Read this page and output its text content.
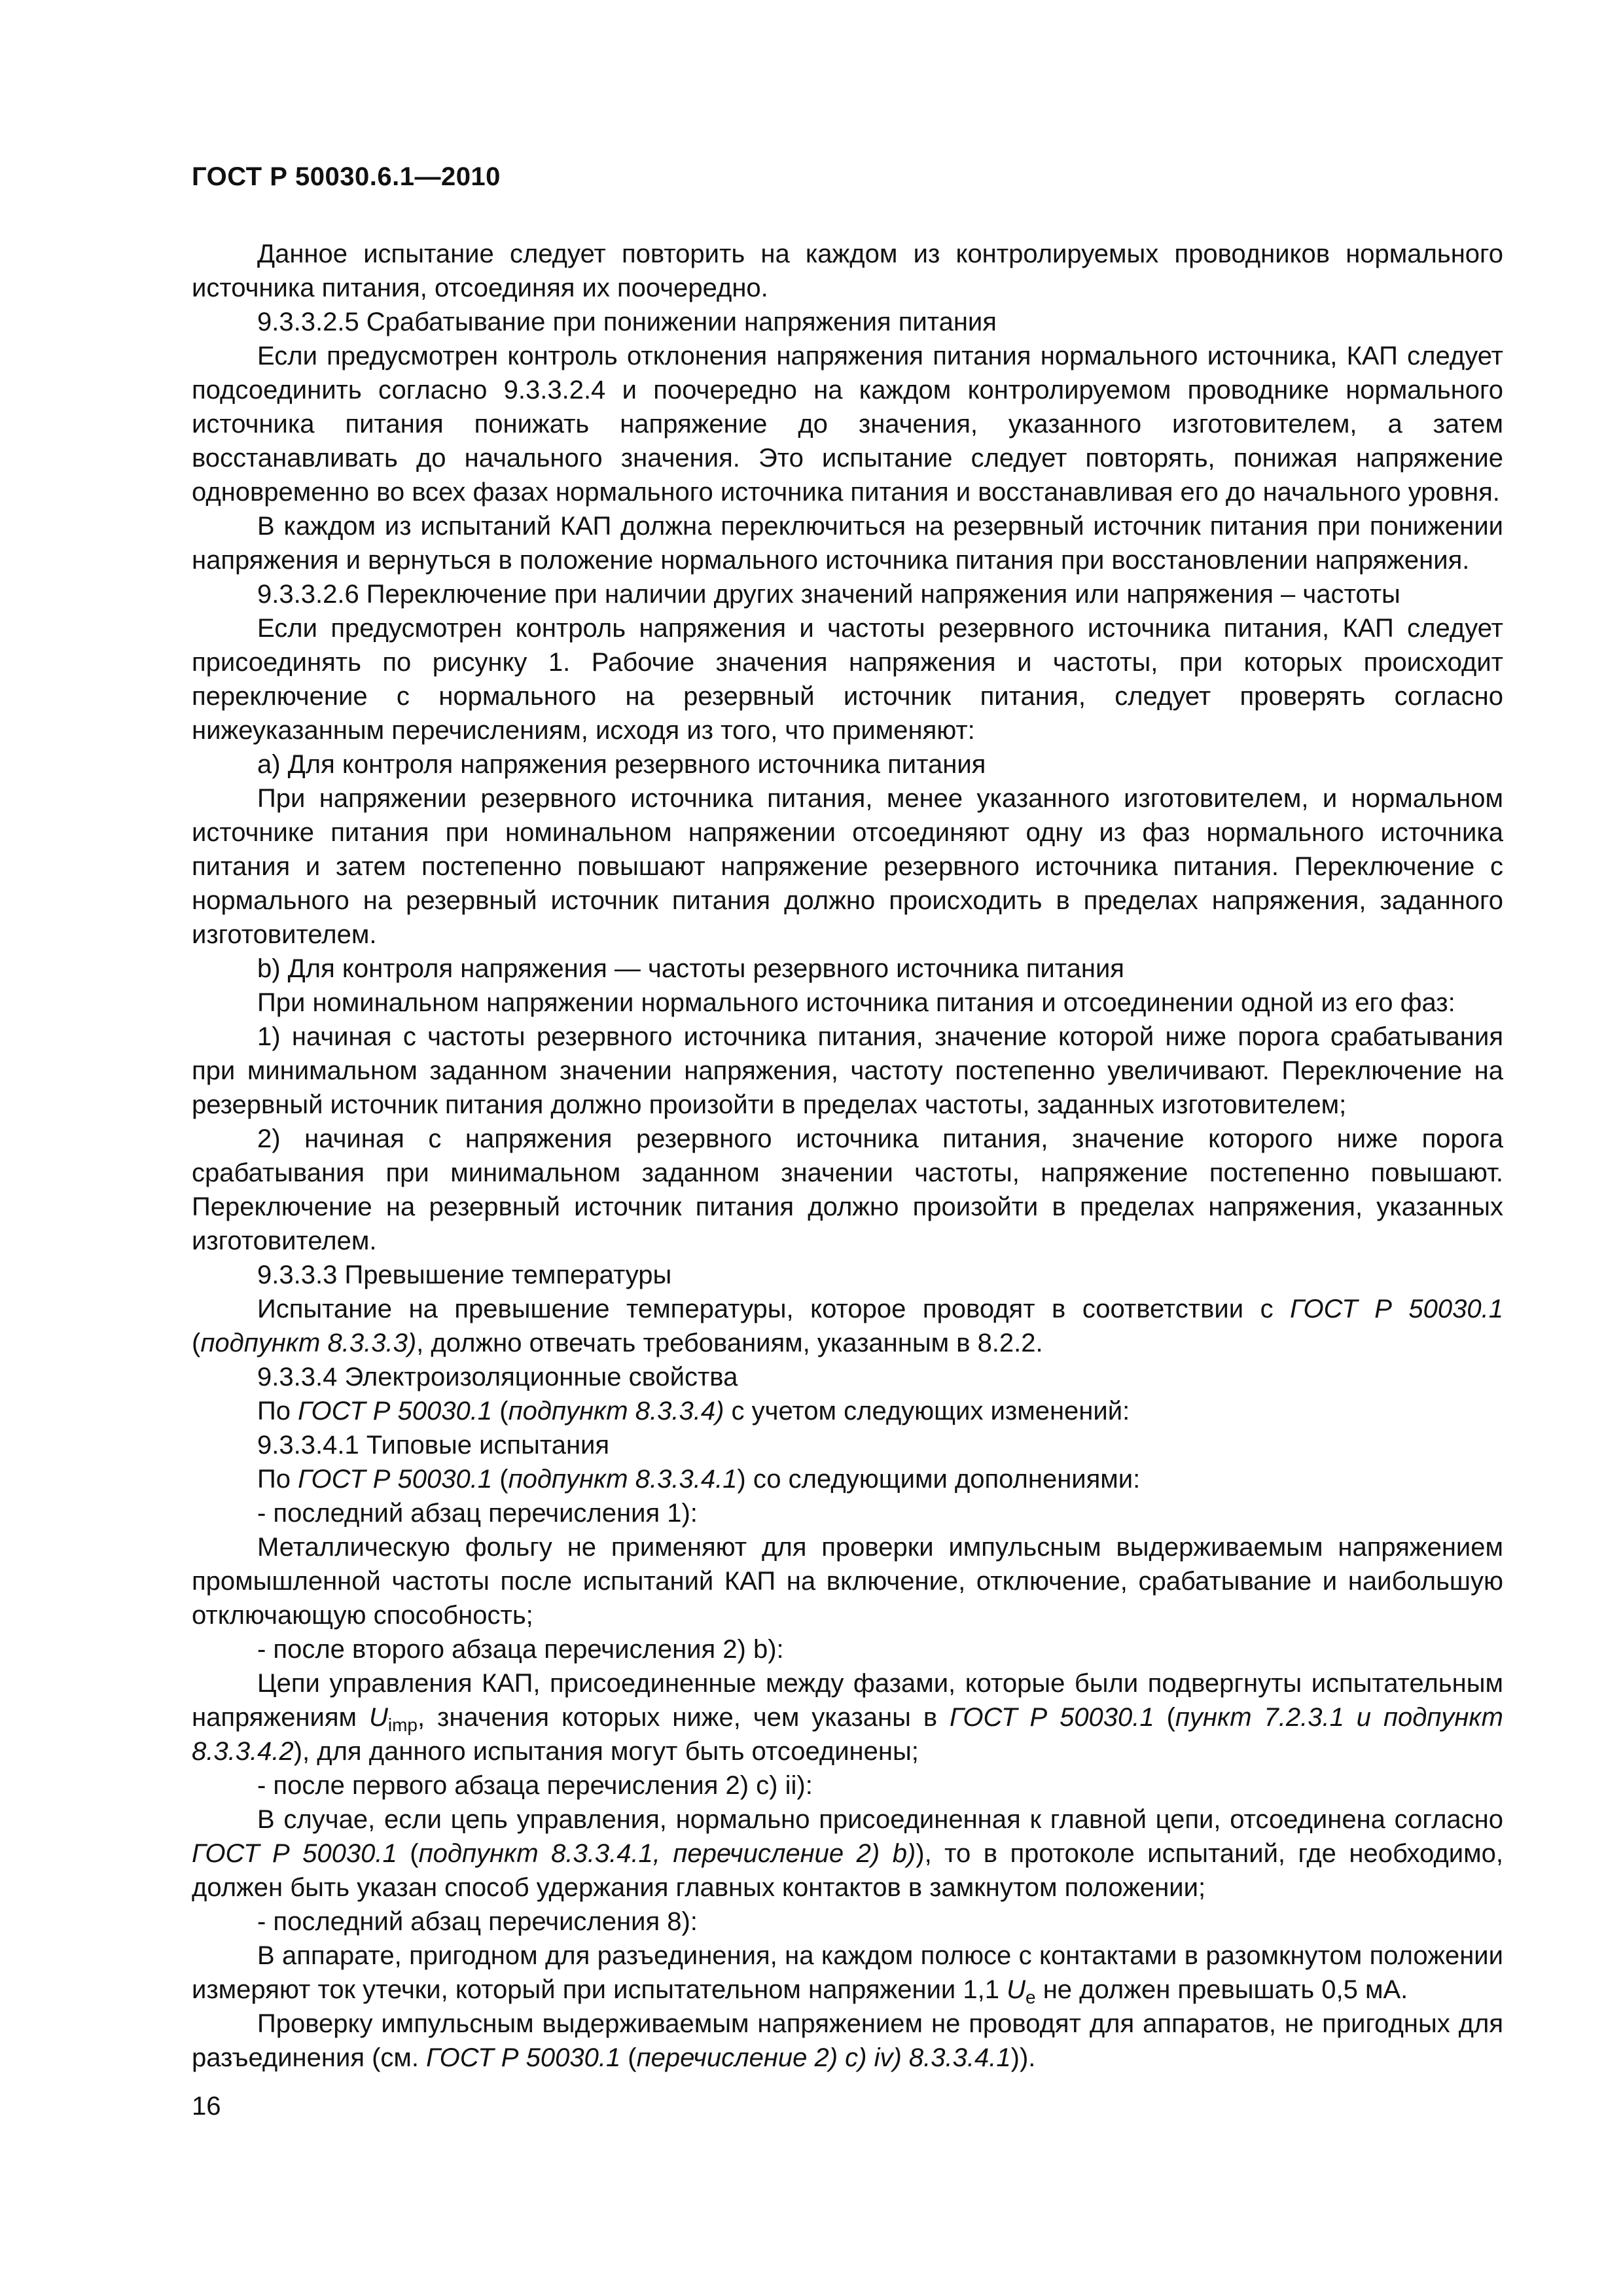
ГОСТ Р 50030.6.1—2010

Данное испытание следует повторить на каждом из контролируемых проводников нормального источника питания, отсоединяя их поочередно.

9.3.3.2.5 Срабатывание при понижении напряжения питания

Если предусмотрен контроль отклонения напряжения питания нормального источника, КАП следует подсоединить согласно 9.3.3.2.4 и поочередно на каждом контролируемом проводнике нормального источника питания понижать напряжение до значения, указанного изготовителем, а затем восстанавливать до начального значения. Это испытание следует повторять, понижая напряжение одновременно во всех фазах нормального источника питания и восстанавливая его до начального уровня.

В каждом из испытаний КАП должна переключиться на резервный источник питания при понижении напряжения и вернуться в положение нормального источника питания при восстановлении напряжения.

9.3.3.2.6 Переключение при наличии других значений напряжения или напряжения – частоты

Если предусмотрен контроль напряжения и частоты резервного источника питания, КАП следует присоединять по рисунку 1. Рабочие значения напряжения и частоты, при которых происходит переключение с нормального на резервный источник питания, следует проверять согласно нижеуказанным перечислениям, исходя из того, что применяют:

a) Для контроля напряжения резервного источника питания

При напряжении резервного источника питания, менее указанного изготовителем, и нормальном источнике питания при номинальном напряжении отсоединяют одну из фаз нормального источника питания и затем постепенно повышают напряжение резервного источника питания. Переключение с нормального на резервный источник питания должно происходить в пределах напряжения, заданного изготовителем.

b) Для контроля напряжения — частоты резервного источника питания

При номинальном напряжении нормального источника питания и отсоединении одной из его фаз:

1) начиная с частоты резервного источника питания, значение которой ниже порога срабатывания при минимальном заданном значении напряжения, частоту постепенно увеличивают. Переключение на резервный источник питания должно произойти в пределах частоты, заданных изготовителем;

2) начиная с напряжения резервного источника питания, значение которого ниже порога срабатывания при минимальном заданном значении частоты, напряжение постепенно повышают. Переключение на резервный источник питания должно произойти в пределах напряжения, указанных изготовителем.

9.3.3.3 Превышение температуры

Испытание на превышение температуры, которое проводят в соответствии с ГОСТ Р 50030.1 (подпункт 8.3.3.3), должно отвечать требованиям, указанным в 8.2.2.

9.3.3.4 Электроизоляционные свойства

По ГОСТ Р 50030.1 (подпункт 8.3.3.4) с учетом следующих изменений:

9.3.3.4.1 Типовые испытания

По ГОСТ Р 50030.1 (подпункт 8.3.3.4.1) со следующими дополнениями:

- последний абзац перечисления 1):

Металлическую фольгу не применяют для проверки импульсным выдерживаемым напряжением промышленной частоты после испытаний КАП на включение, отключение, срабатывание и наибольшую отключающую способность;

- после второго абзаца перечисления 2) b):

Цепи управления КАП, присоединенные между фазами, которые были подвергнуты испытательным напряжениям $U_{imp}$, значения которых ниже, чем указаны в ГОСТ Р 50030.1 (пункт 7.2.3.1 и подпункт 8.3.3.4.2), для данного испытания могут быть отсоединены;

- после первого абзаца перечисления 2) c) ii):

В случае, если цепь управления, нормально присоединенная к главной цепи, отсоединена согласно ГОСТ Р 50030.1 (подпункт 8.3.3.4.1, перечисление 2) b)), то в протоколе испытаний, где необходимо, должен быть указан способ удержания главных контактов в замкнутом положении;

- последний абзац перечисления 8):

В аппарате, пригодном для разъединения, на каждом полюсе с контактами в разомкнутом положении измеряют ток утечки, который при испытательном напряжении 1,1 $U_e$ не должен превышать 0,5 мА.

Проверку импульсным выдерживаемым напряжением не проводят для аппаратов, не пригодных для разъединения (см. ГОСТ Р 50030.1 (перечисление 2) c) iv) 8.3.3.4.1)).

16
